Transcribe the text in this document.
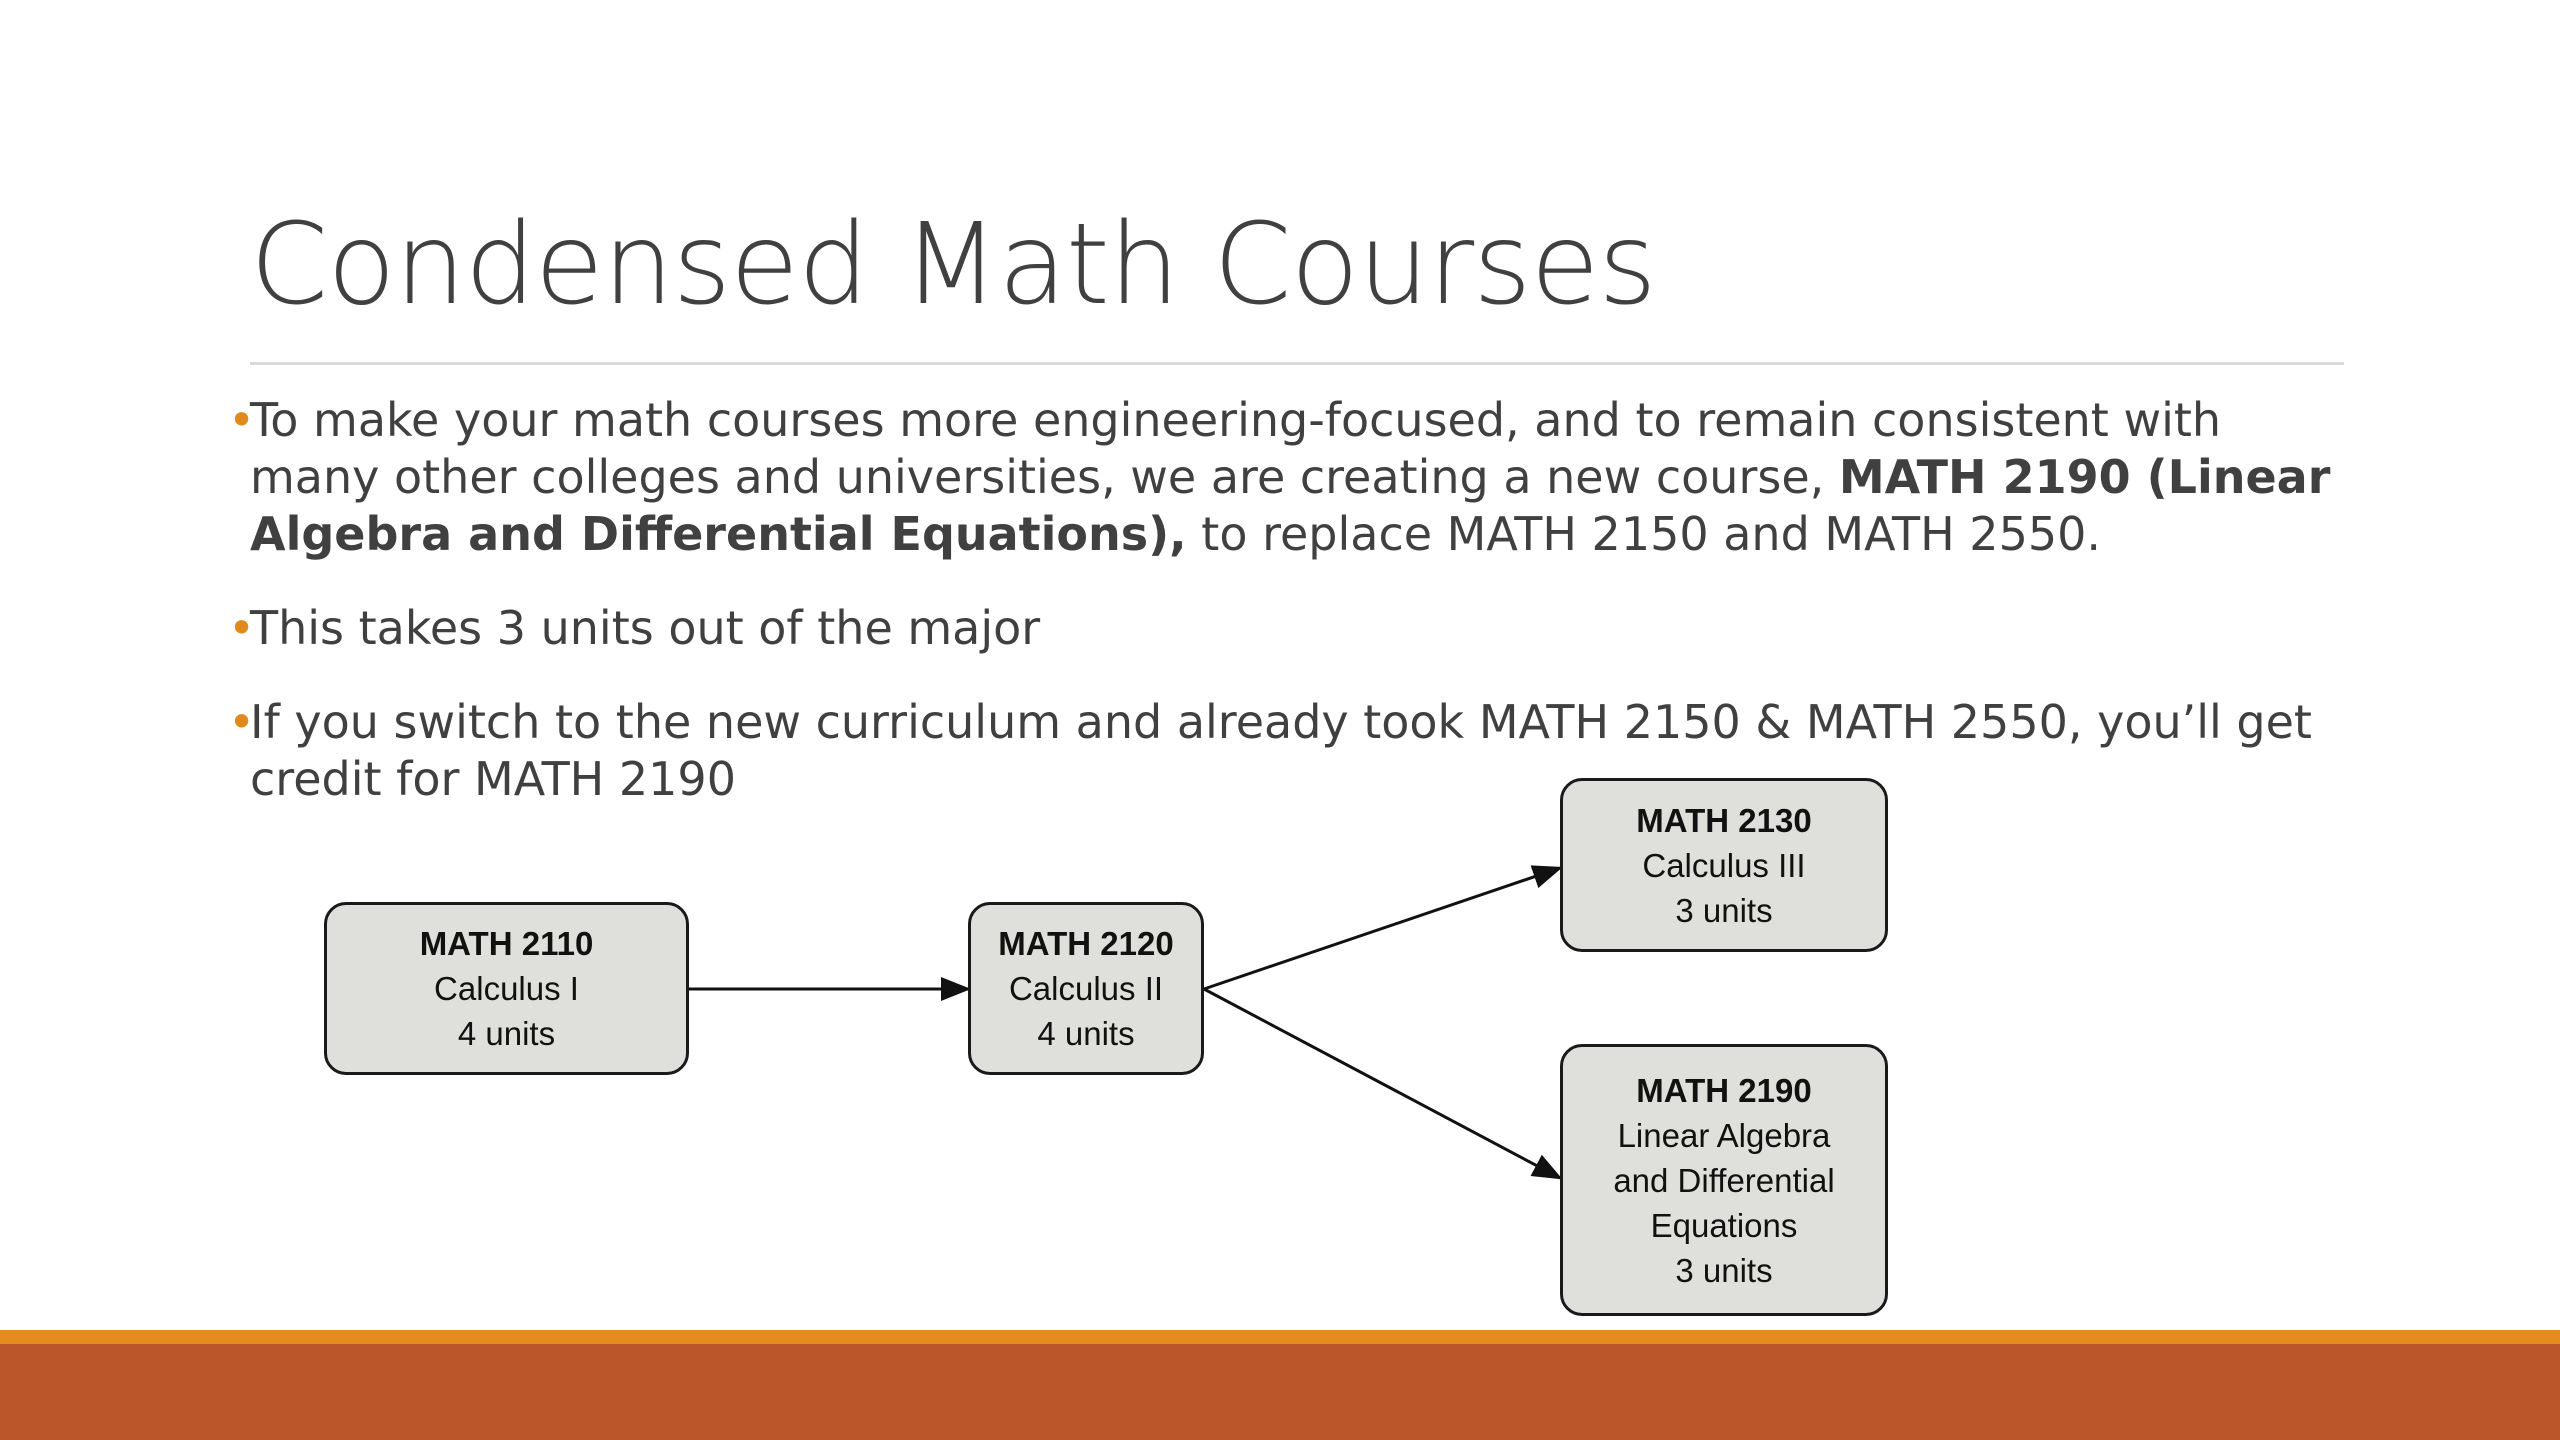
Condensed Math Courses
•
To make your math courses more engineering-focused, and to remain consistent with many other colleges and universities, we are creating a new course, MATH 2190 (Linear Algebra and Differential Equations), to replace MATH 2150 and MATH 2550.
•
This takes 3 units out of the major
•
If you switch to the new curriculum and already took MATH 2150 & MATH 2550, you’ll get credit for MATH 2190
MATH 2110
Calculus I
4 units
MATH 2120
Calculus II
4 units
MATH 2130
Calculus III
3 units
MATH 2190
Linear Algebra
and Differential
Equations
3 units
